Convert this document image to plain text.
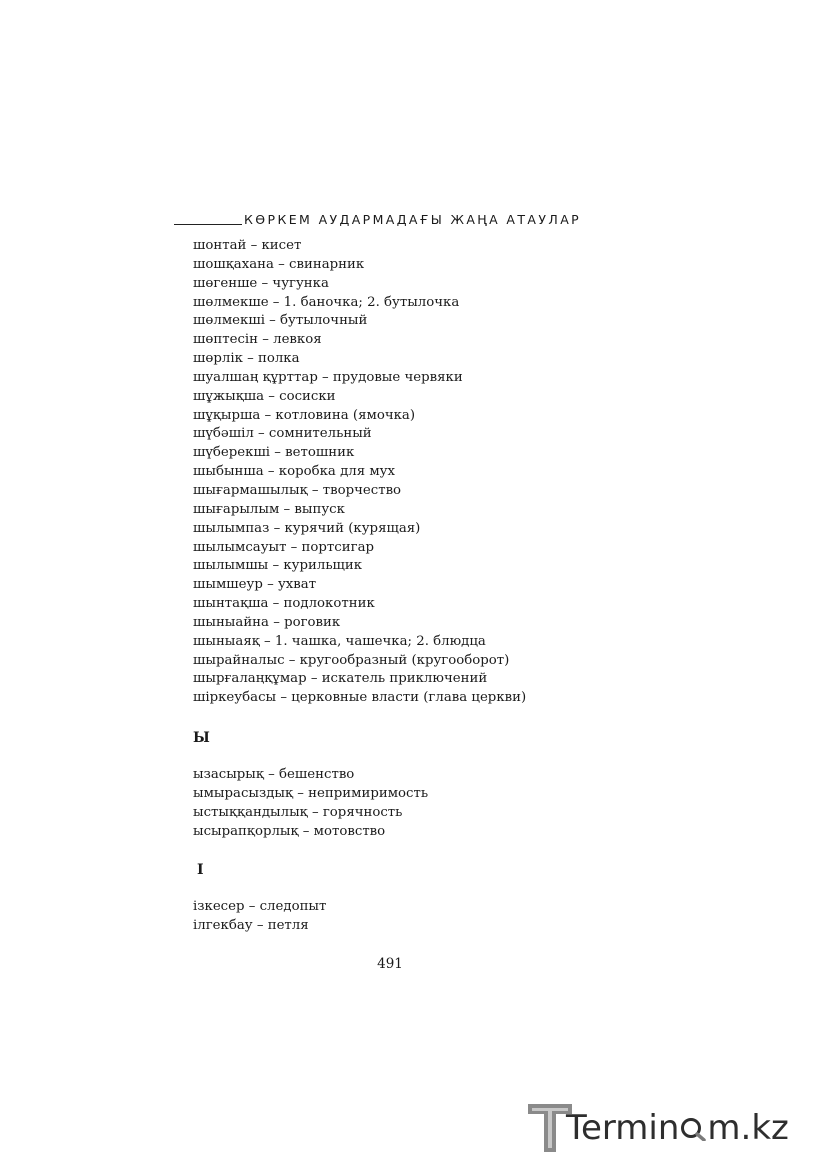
КӨРКЕМ АУДАРМАДАҒЫ ЖАҢА АТАУЛАР
шонтай – кисет
шошқахана – свинарник
шөгенше – чугунка
шөлмекше – 1. баночка; 2. бутылочка
шөлмекші – бутылочный
шөптесін – левкоя
шөрлік – полка
шуалшаң құрттар – прудовые червяки
шұжықша – сосиски
шұқырша – котловина (ямочка)
шүбәшіл – сомнительный
шүберекші – ветошник
шыбынша – коробка для мух
шығармашылық – творчество
шығарылым – выпуск
шылымпаз – курячий (курящая)
шылымсауыт – портсигар
шылымшы – курильщик
шымшеур – ухват
шынтақша – подлокотник
шыныайна – роговик
шыныаяқ – 1. чашка, чашечка; 2. блюдца
шырайналыс – кругообразный (кругооборот)
шырғалаңқұмар – искатель приключений
шіркеубасы – церковные власти (глава церкви)
Ы
ызасырық – бешенство
ымырасыздық – непримиримость
ыстыққандылық – горячность
ысырапқорлық – мотовство
І
ізкесер – следопыт
ілгекбау – петля
491
Termin m.kz
